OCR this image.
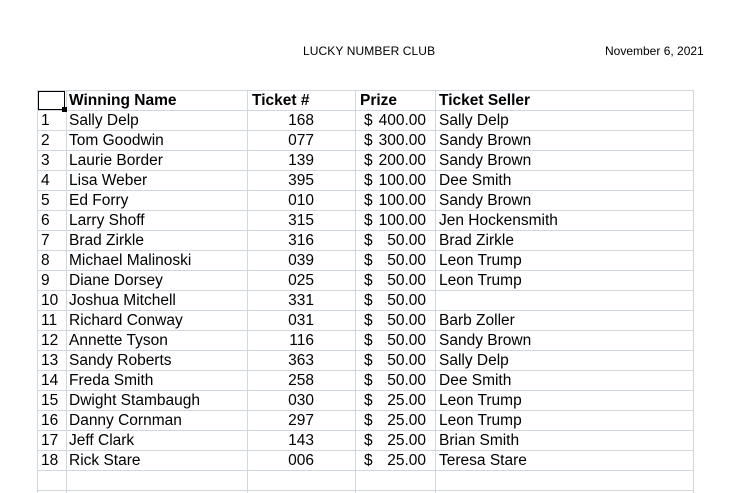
LUCKY NUMBER CLUB	November 6, 2021
Winning Name	Ticket #	Prize	Ticket Seller
1 Sally Delp	168	$ 400.00 Sally Delp
2 Tom Goodwin	077	$ 300.00 Sandy Brown
3 Laurie Border	139	$ 200.00 Sandy Brown
4 Lisa Weber	395	$ 100.00 Dee Smith
5 Ed Forry	010	$ 100.00 Sandy Brown
6 Larry Shoff	315	$ 100.00 Jen Hockensmith
7 Brad Zirkle	316	$ 50.00 Brad Zirkle
8 Michael Malinoski	039	$ 50.00 Leon Trump
9 Diane Dorsey	025	$ 50.00 Leon Trump
10 Joshua Mitchell	331	$ 50.00
11 Richard Conway	031	$ 50.00 Barb Zoller
12 Annette Tyson	116	$ 50.00 Sandy Brown
13 Sandy Roberts	363	$ 50.00 Sally Delp
14 Freda Smith	258	$ 50.00 Dee Smith
15 Dwight Stambaugh	030	$ 25.00 Leon Trump
16 Danny Cornman	297	$ 25.00 Leon Trump
17 Jeff Clark	143	$ 25.00 Brian Smith
18 Rick Stare	006	$ 25.00 Teresa Stare
